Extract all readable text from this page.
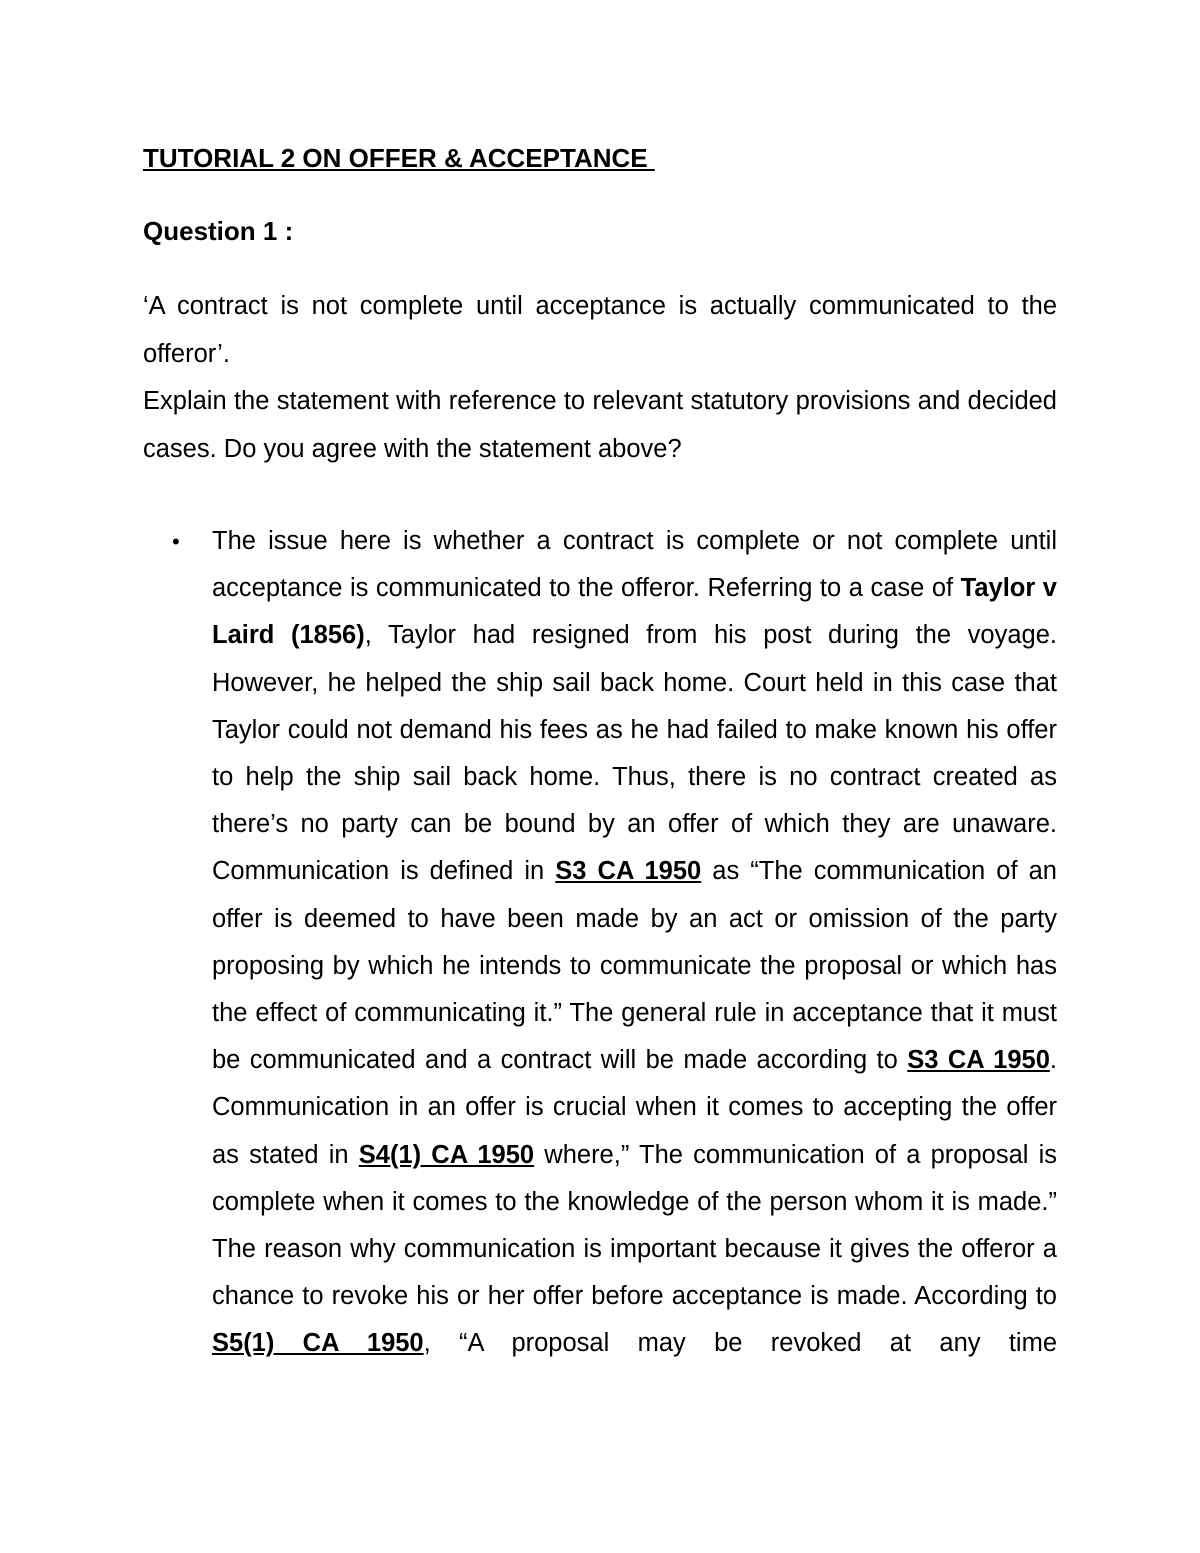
TUTORIAL 2 ON OFFER & ACCEPTANCE
Question 1 :
‘A contract is not complete until acceptance is actually communicated to the offeror’.
Explain the statement with reference to relevant statutory provisions and decided cases. Do you agree with the statement above?
• The issue here is whether a contract is complete or not complete until acceptance is communicated to the offeror. Referring to a case of Taylor v Laird (1856), Taylor had resigned from his post during the voyage. However, he helped the ship sail back home. Court held in this case that Taylor could not demand his fees as he had failed to make known his offer to help the ship sail back home. Thus, there is no contract created as there’s no party can be bound by an offer of which they are unaware. Communication is defined in S3 CA 1950 as “The communication of an offer is deemed to have been made by an act or omission of the party proposing by which he intends to communicate the proposal or which has the effect of communicating it.” The general rule in acceptance that it must be communicated and a contract will be made according to S3 CA 1950. Communication in an offer is crucial when it comes to accepting the offer as stated in S4(1) CA 1950 where,” The communication of a proposal is complete when it comes to the knowledge of the person whom it is made.” The reason why communication is important because it gives the offeror a chance to revoke his or her offer before acceptance is made. According to S5(1) CA 1950, “A proposal may be revoked at any time
